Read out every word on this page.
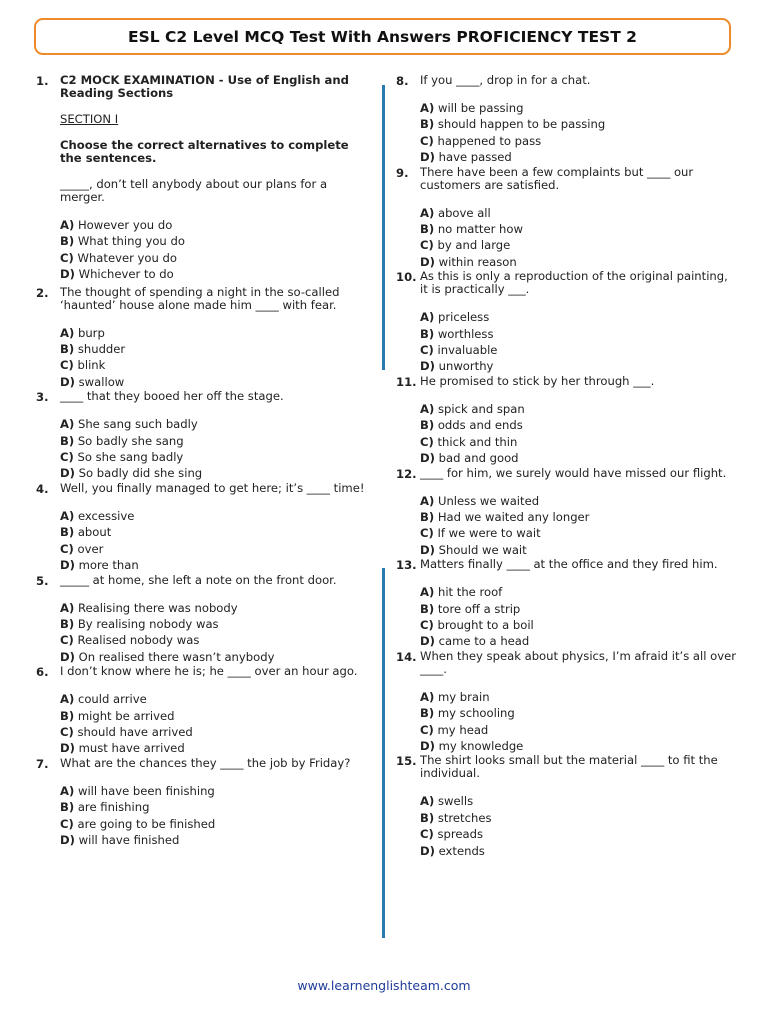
ESL C2 Level MCQ Test With Answers PROFICIENCY TEST 2
1. C2 MOCK EXAMINATION - Use of English and Reading Sections
SECTION I
Choose the correct alternatives to complete the sentences.
_____, don’t tell anybody about our plans for a merger.
A) However you do
B) What thing you do
C) Whatever you do
D) Whichever to do
2. The thought of spending a night in the so-called ‘haunted’ house alone made him ____ with fear.
A) burp
B) shudder
C) blink
D) swallow
3. ____ that they booed her off the stage.
A) She sang such badly
B) So badly she sang
C) So she sang badly
D) So badly did she sing
4. Well, you finally managed to get here; it’s ____ time!
A) excessive
B) about
C) over
D) more than
5. _____ at home, she left a note on the front door.
A) Realising there was nobody
B) By realising nobody was
C) Realised nobody was
D) On realised there wasn’t anybody
6. I don’t know where he is; he ____ over an hour ago.
A) could arrive
B) might be arrived
C) should have arrived
D) must have arrived
7. What are the chances they ____ the job by Friday?
A) will have been finishing
B) are finishing
C) are going to be finished
D) will have finished
8. If you ____, drop in for a chat.
A) will be passing
B) should happen to be passing
C) happened to pass
D) have passed
9. There have been a few complaints but ____ our customers are satisfied.
A) above all
B) no matter how
C) by and large
D) within reason
10. As this is only a reproduction of the original painting, it is practically ___.
A) priceless
B) worthless
C) invaluable
D) unworthy
11. He promised to stick by her through ___.
A) spick and span
B) odds and ends
C) thick and thin
D) bad and good
12. ____ for him, we surely would have missed our flight.
A) Unless we waited
B) Had we waited any longer
C) If we were to wait
D) Should we wait
13. Matters finally ____ at the office and they fired him.
A) hit the roof
B) tore off a strip
C) brought to a boil
D) came to a head
14. When they speak about physics, I’m afraid it’s all over ____.
A) my brain
B) my schooling
C) my head
D) my knowledge
15. The shirt looks small but the material ____ to fit the individual.
A) swells
B) stretches
C) spreads
D) extends
www.learnenglishteam.com
